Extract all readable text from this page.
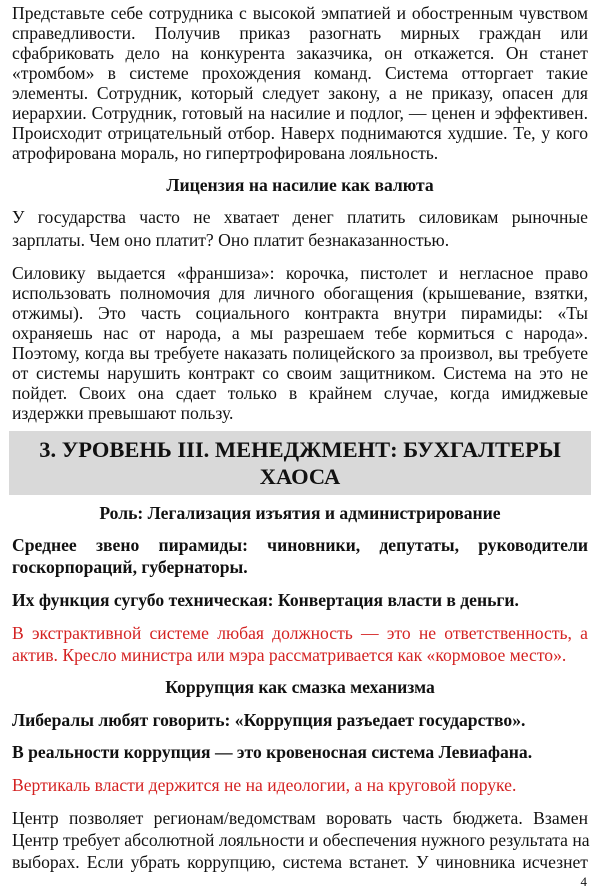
Представьте себе сотрудника с высокой эмпатией и обостренным чувством
справедливости. Получив приказ разогнать мирных граждан или
сфабриковать дело на конкурента заказчика, он откажется. Он станет
«тромбом» в системе прохождения команд. Система отторгает такие
элементы. Сотрудник, который следует закону, а не приказу, опасен для
иерархии. Сотрудник, готовый на насилие и подлог, — ценен и эффективен.
Происходит отрицательный отбор. Наверх поднимаются худшие. Те, у кого
атрофирована мораль, но гипертрофирована лояльность.
Лицензия на насилие как валюта
У государства часто не хватает денег платить силовикам рыночные
зарплаты. Чем оно платит? Оно платит безнаказанностью.
Силовику выдается «франшиза»: корочка, пистолет и негласное право
использовать полномочия для личного обогащения (крышевание, взятки,
отжимы). Это часть социального контракта внутри пирамиды: «Ты
охраняешь нас от народа, а мы разрешаем тебе кормиться с народа».
Поэтому, когда вы требуете наказать полицейского за произвол, вы требуете
от системы нарушить контракт со своим защитником. Система на это не
пойдет. Своих она сдает только в крайнем случае, когда имиджевые
издержки превышают пользу.
3. УРОВЕНЬ III. МЕНЕДЖМЕНТ: БУХГАЛТЕРЫ
ХАОСА
Роль: Легализация изъятия и администрирование
Среднее звено пирамиды: чиновники, депутаты, руководители
госкорпораций, губернаторы.
Их функция сугубо техническая: Конвертация власти в деньги.
В экстрактивной системе любая должность — это не ответственность, а
актив. Кресло министра или мэра рассматривается как «кормовое место».
Коррупция как смазка механизма
Либералы любят говорить: «Коррупция разъедает государство».
В реальности коррупция — это кровеносная система Левиафана.
Вертикаль власти держится не на идеологии, а на круговой поруке.
Центр позволяет регионам/ведомствам воровать часть бюджета. Взамен
Центр требует абсолютной лояльности и обеспечения нужного результата на
выборах. Если убрать коррупцию, система встанет. У чиновника исчезнет
4
